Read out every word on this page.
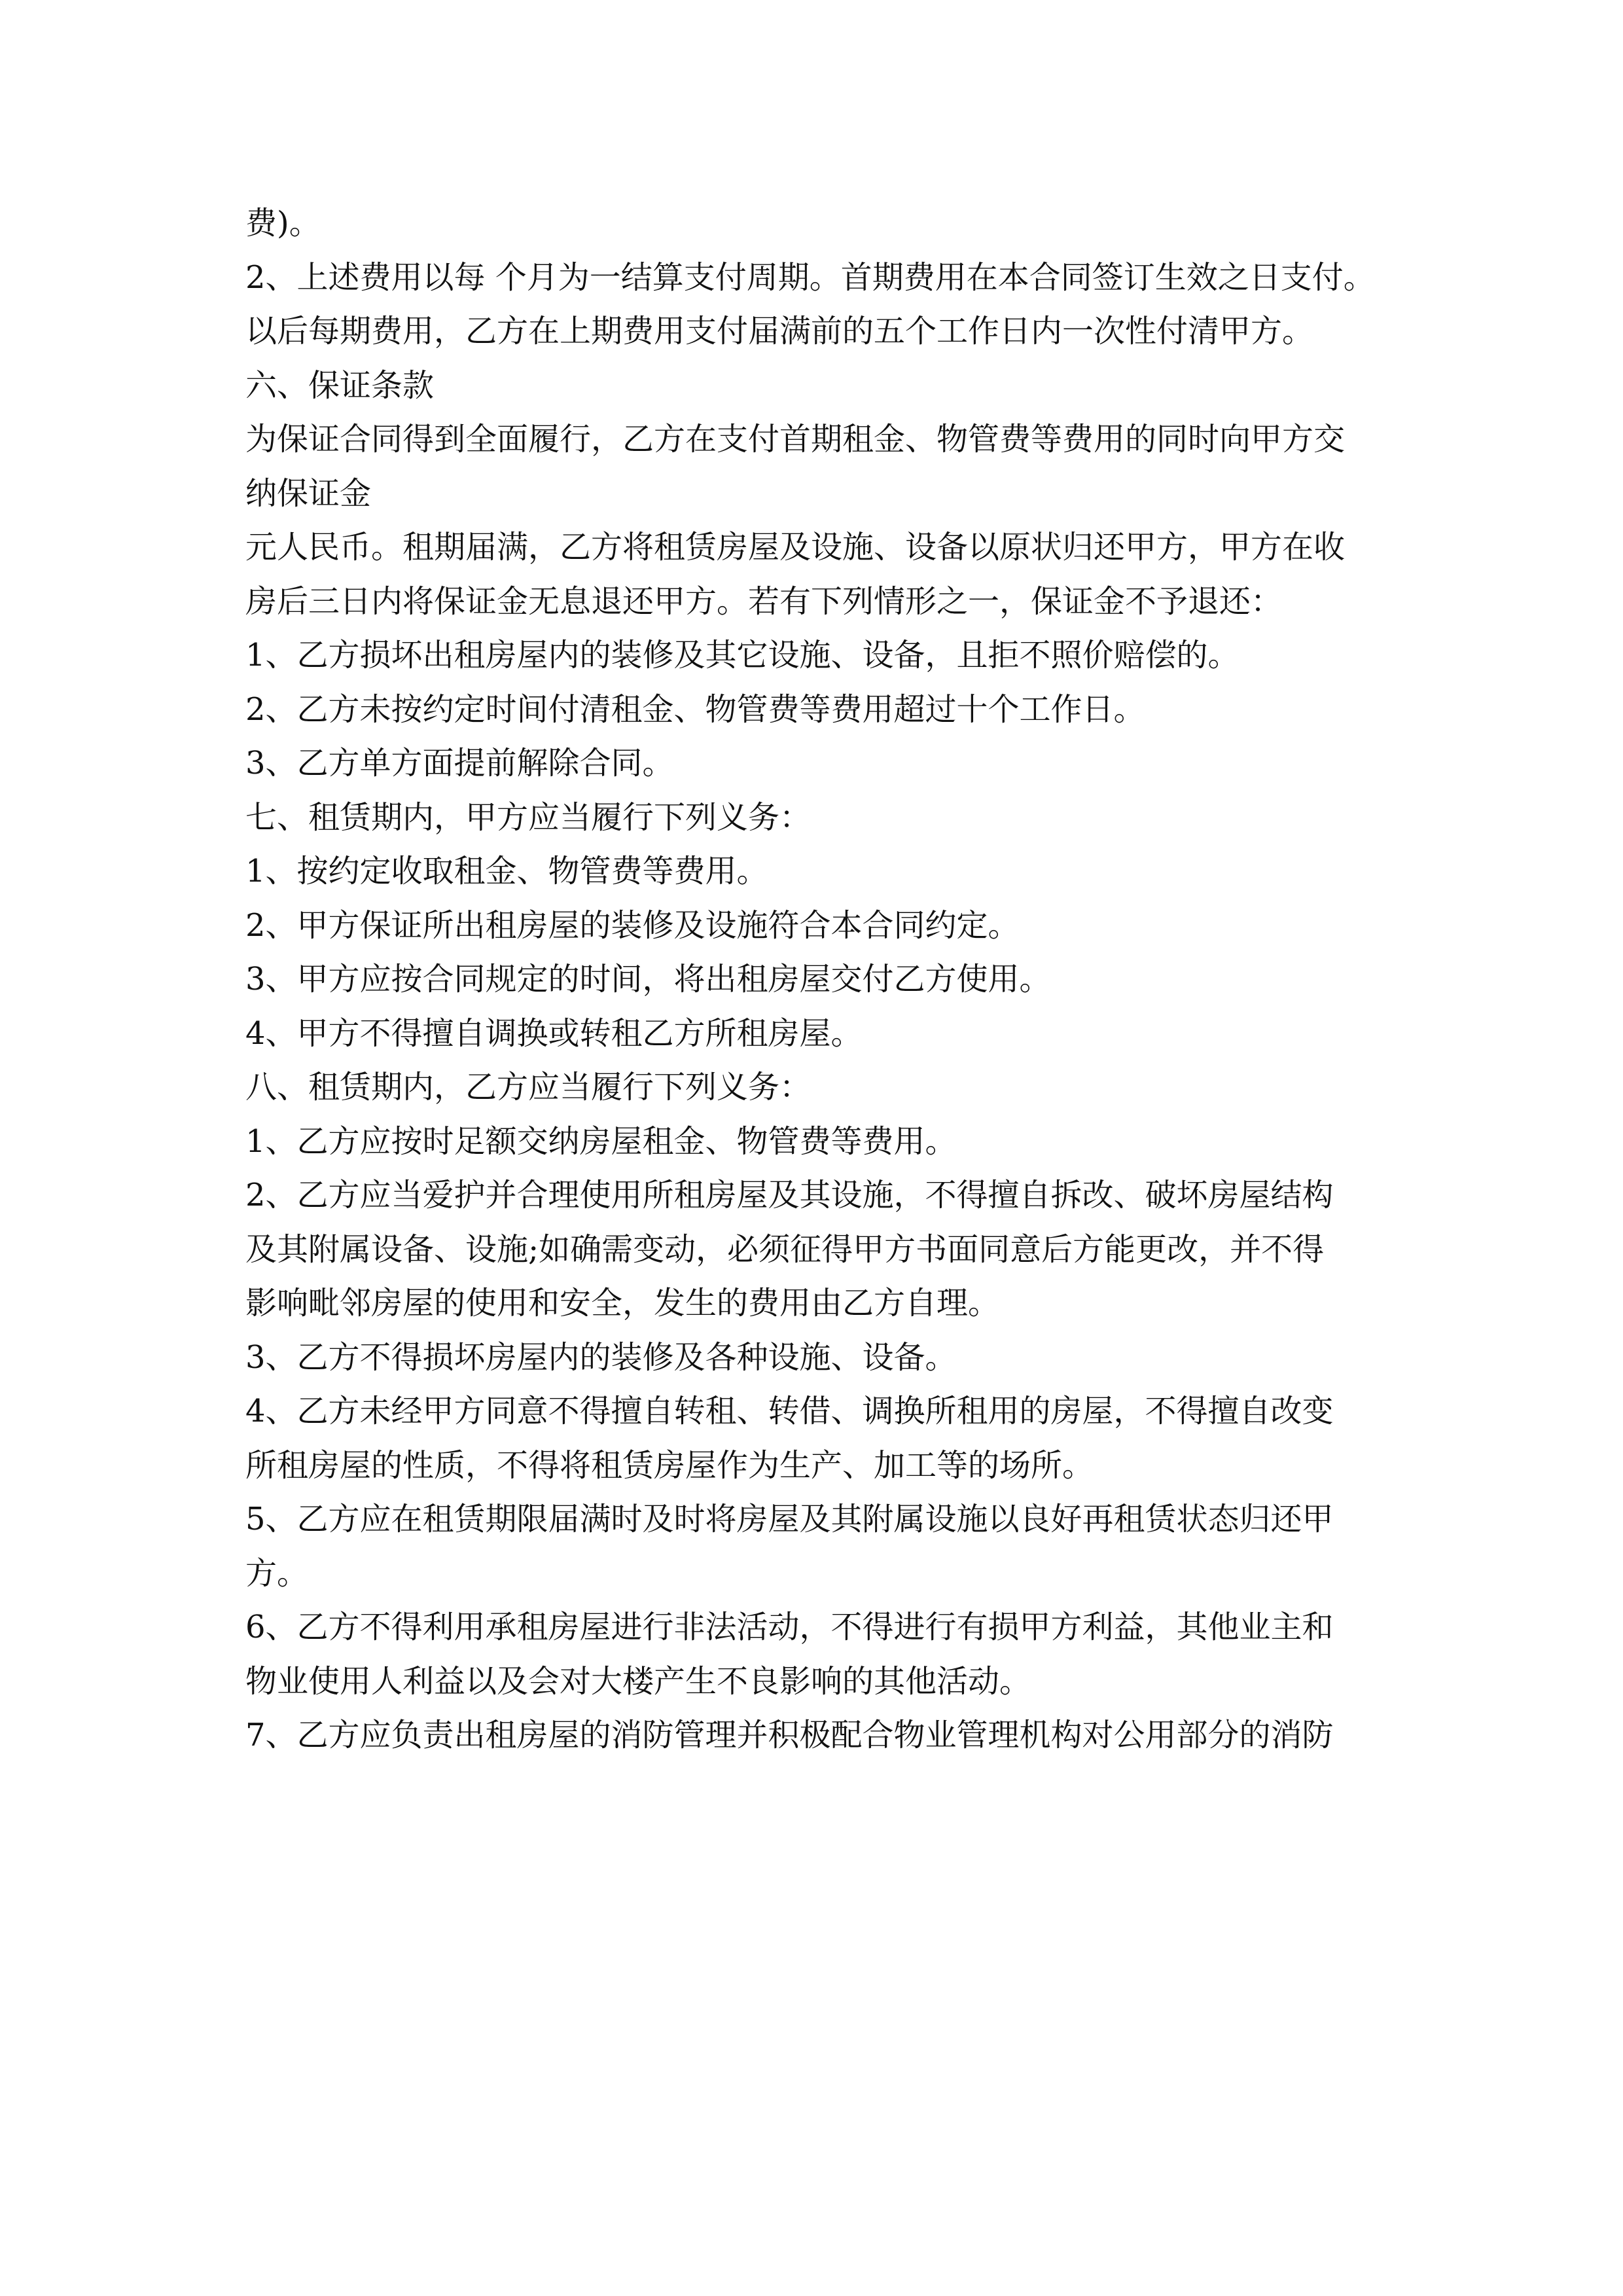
费)。
2、上述费用以每 个月为一结算支付周期。首期费用在本合同签订生效之日支付。
以后每期费用，乙方在上期费用支付届满前的五个工作日内一次性付清甲方。
六、保证条款
为保证合同得到全面履行，乙方在支付首期租金、物管费等费用的同时向甲方交
纳保证金
元人民币。租期届满，乙方将租赁房屋及设施、设备以原状归还甲方，甲方在收
房后三日内将保证金无息退还甲方。若有下列情形之一，保证金不予退还：
1、乙方损坏出租房屋内的装修及其它设施、设备，且拒不照价赔偿的。
2、乙方未按约定时间付清租金、物管费等费用超过十个工作日。
3、乙方单方面提前解除合同。
七、租赁期内，甲方应当履行下列义务：
1、按约定收取租金、物管费等费用。
2、甲方保证所出租房屋的装修及设施符合本合同约定。
3、甲方应按合同规定的时间，将出租房屋交付乙方使用。
4、甲方不得擅自调换或转租乙方所租房屋。
八、租赁期内，乙方应当履行下列义务：
1、乙方应按时足额交纳房屋租金、物管费等费用。
2、乙方应当爱护并合理使用所租房屋及其设施，不得擅自拆改、破坏房屋结构
及其附属设备、设施;如确需变动，必须征得甲方书面同意后方能更改，并不得
影响毗邻房屋的使用和安全，发生的费用由乙方自理。
3、乙方不得损坏房屋内的装修及各种设施、设备。
4、乙方未经甲方同意不得擅自转租、转借、调换所租用的房屋，不得擅自改变
所租房屋的性质，不得将租赁房屋作为生产、加工等的场所。
5、乙方应在租赁期限届满时及时将房屋及其附属设施以良好再租赁状态归还甲
方。
6、乙方不得利用承租房屋进行非法活动，不得进行有损甲方利益，其他业主和
物业使用人利益以及会对大楼产生不良影响的其他活动。
7、乙方应负责出租房屋的消防管理并积极配合物业管理机构对公用部分的消防
